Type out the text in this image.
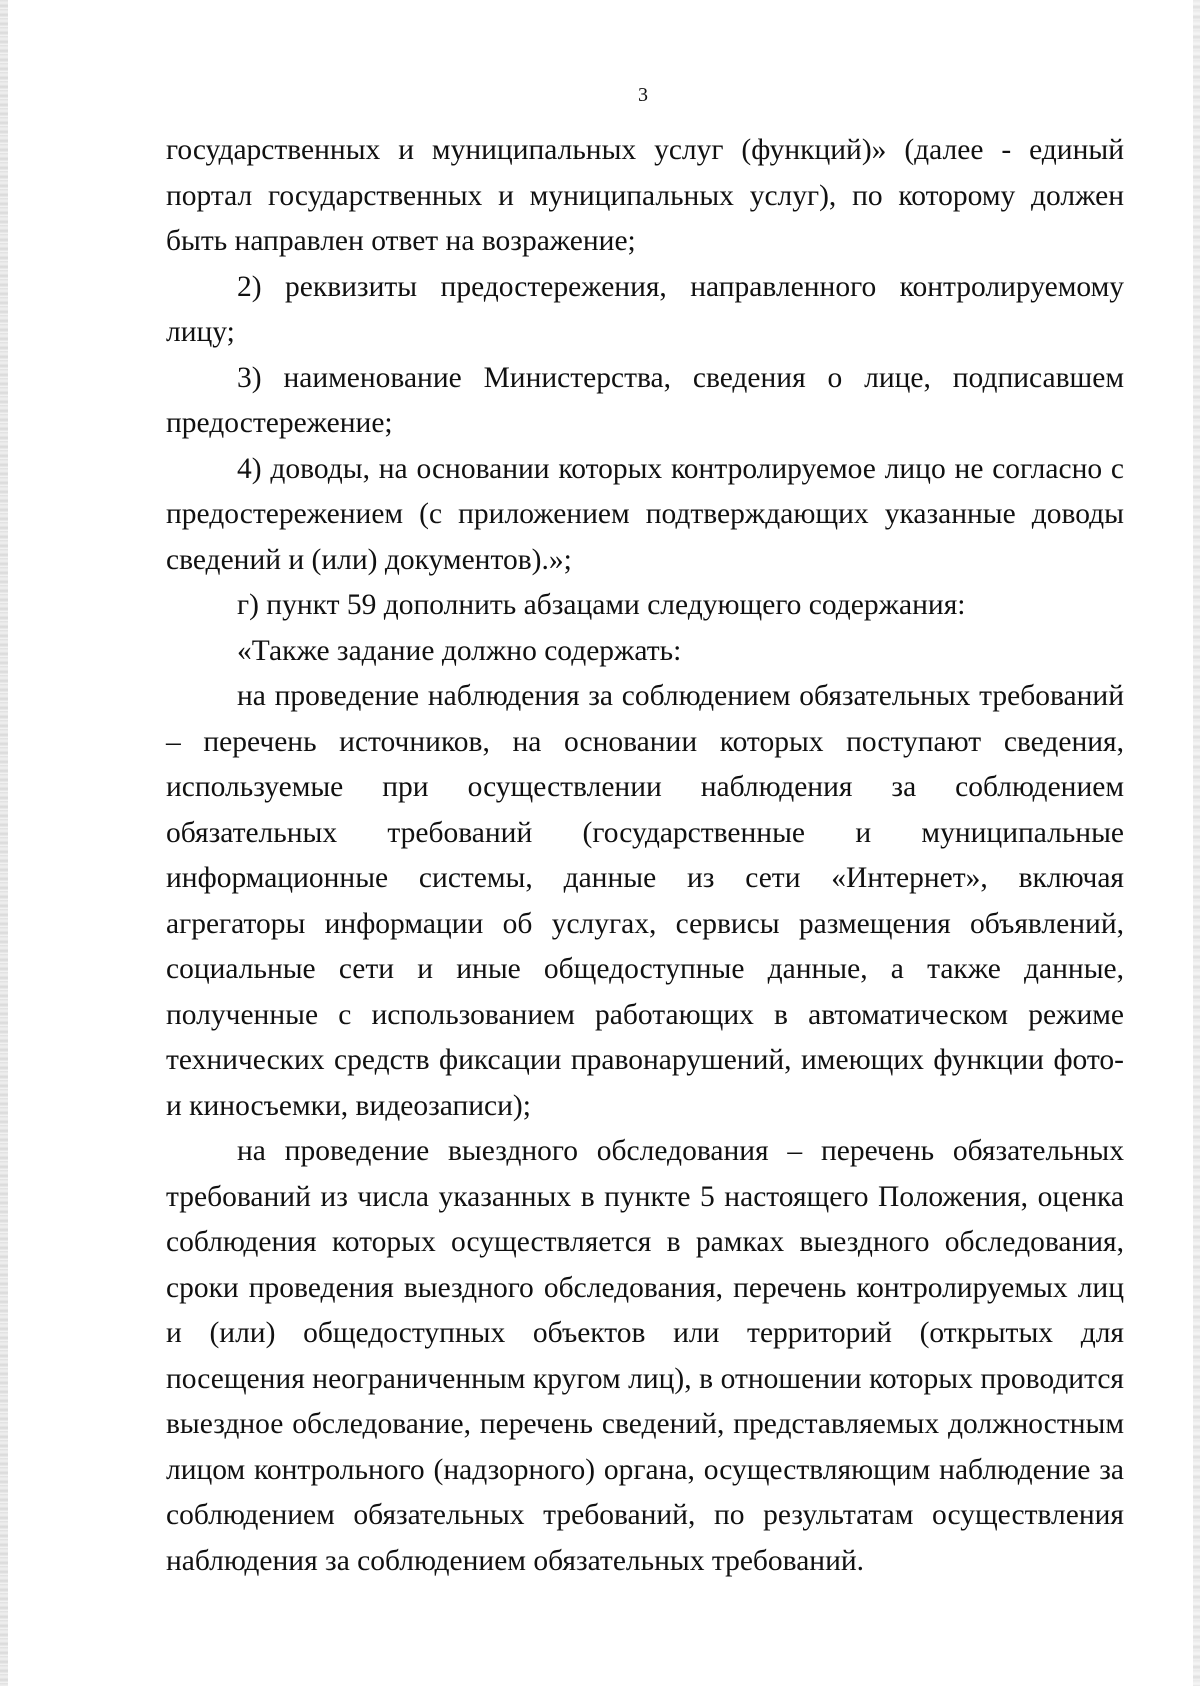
3

государственных и муниципальных услуг (функций)» (далее - единый портал государственных и муниципальных услуг), по которому должен быть направлен ответ на возражение;

2) реквизиты предостережения, направленного контролируемому лицу;

3) наименование Министерства, сведения о лице, подписавшем предостережение;

4) доводы, на основании которых контролируемое лицо не согласно с предостережением (с приложением подтверждающих указанные доводы сведений и (или) документов).»;

г) пункт 59 дополнить абзацами следующего содержания:

«Также задание должно содержать:

на проведение наблюдения за соблюдением обязательных требований – перечень источников, на основании которых поступают сведения, используемые при осуществлении наблюдения за соблюдением обязательных требований (государственные и муниципальные информационные системы, данные из сети «Интернет», включая агрегаторы информации об услугах, сервисы размещения объявлений, социальные сети и иные общедоступные данные, а также данные, полученные с использованием работающих в автоматическом режиме технических средств фиксации правонарушений, имеющих функции фото- и киносъемки, видеозаписи);

на проведение выездного обследования – перечень обязательных требований из числа указанных в пункте 5 настоящего Положения, оценка соблюдения которых осуществляется в рамках выездного обследования, сроки проведения выездного обследования, перечень контролируемых лиц и (или) общедоступных объектов или территорий (открытых для посещения неограниченным кругом лиц), в отношении которых проводится выездное обследование, перечень сведений, представляемых должностным лицом контрольного (надзорного) органа, осуществляющим наблюдение за соблюдением обязательных требований, по результатам осуществления наблюдения за соблюдением обязательных требований.
